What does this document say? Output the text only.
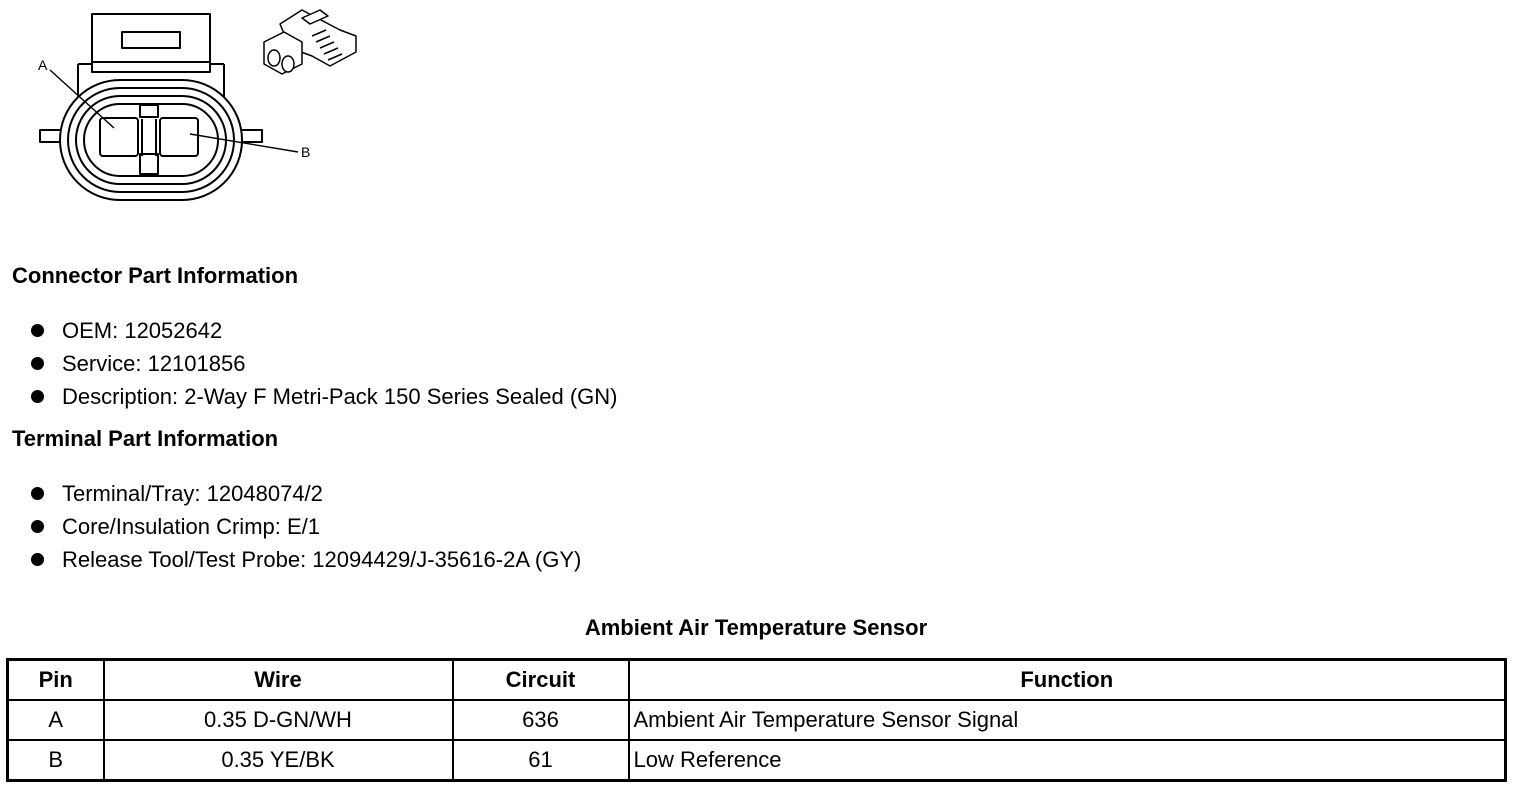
A
B
Connector Part Information
OEM: 12052642
Service: 12101856
Description: 2-Way F Metri-Pack 150 Series Sealed (GN)
Terminal Part Information
Terminal/Tray: 12048074/2
Core/Insulation Crimp: E/1
Release Tool/Test Probe: 12094429/J-35616-2A (GY)
Ambient Air Temperature Sensor
Pin	Wire	Circuit	Function
A	0.35 D-GN/WH	636	Ambient Air Temperature Sensor Signal
B	0.35 YE/BK	61	Low Reference
